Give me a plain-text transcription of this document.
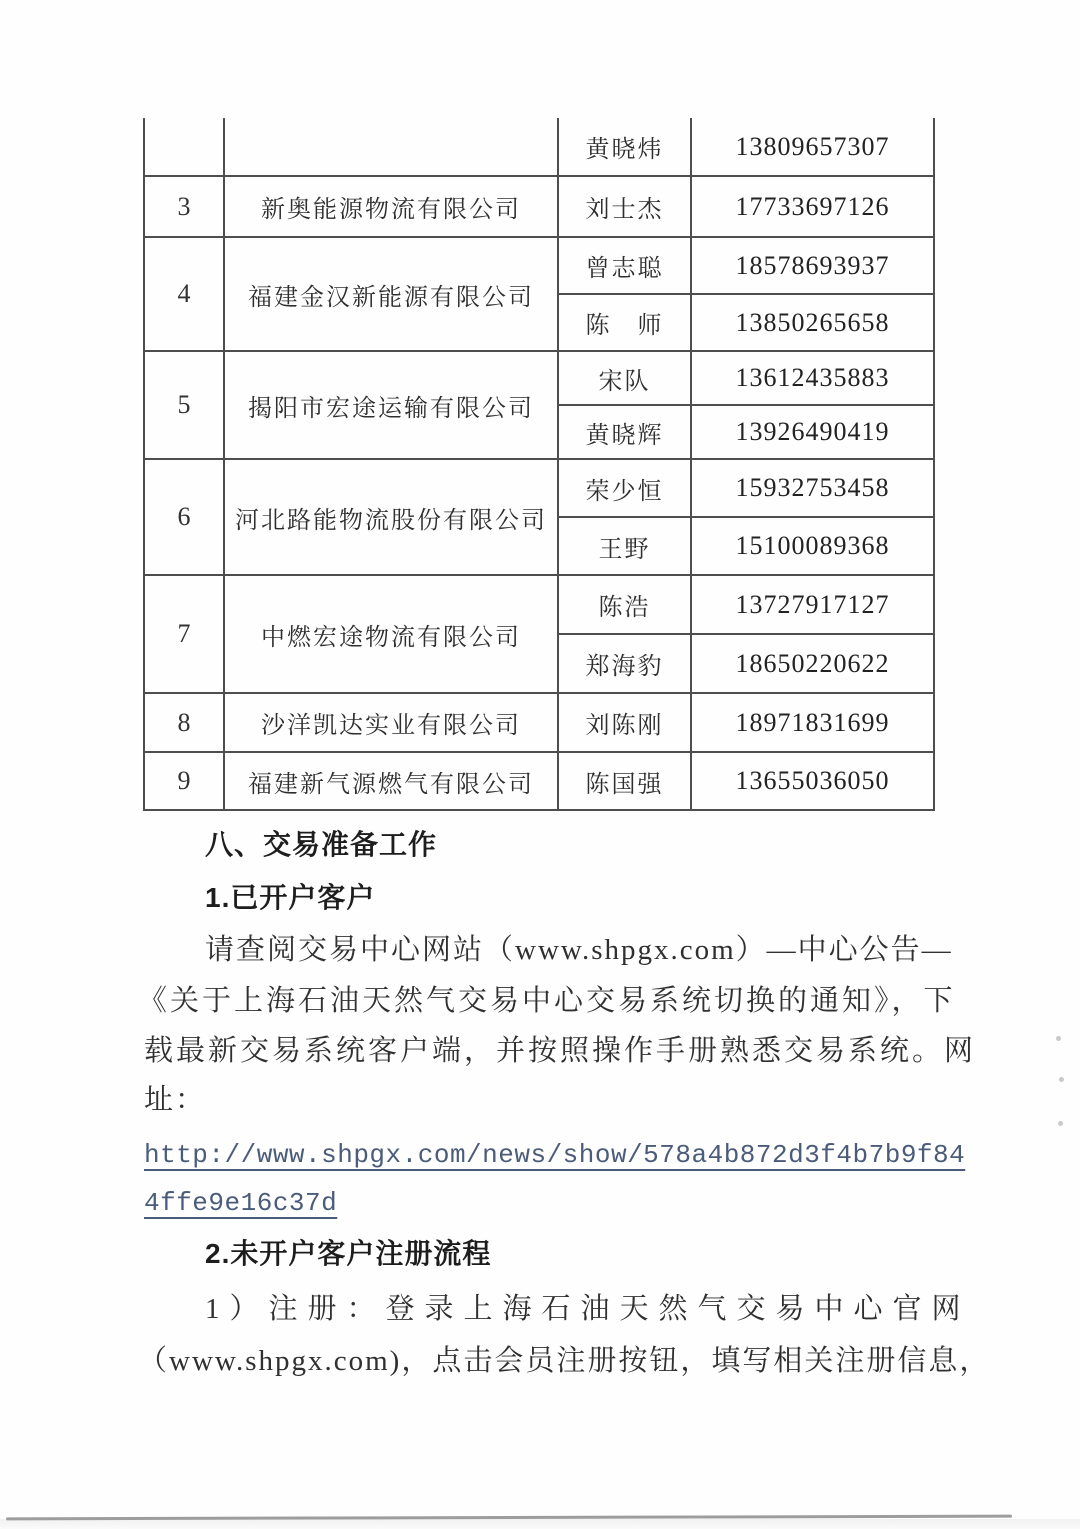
		黄晓炜	13809657307
3	新奥能源物流有限公司	刘士杰	17733697126
4	福建金汉新能源有限公司	曾志聪	18578693937
		陈　师	13850265658
5	揭阳市宏途运输有限公司	宋队	13612435883
		黄晓辉	13926490419
6	河北路能物流股份有限公司	荣少恒	15932753458
		王野	15100089368
7	中燃宏途物流有限公司	陈浩	13727917127
		郑海豹	18650220622
8	沙洋凯达实业有限公司	刘陈刚	18971831699
9	福建新气源燃气有限公司	陈国强	13655036050
八、交易准备工作
1.已开户客户
请查阅交易中心网站（www.shpgx.com）—中心公告—
《关于上海石油天然气交易中心交易系统切换的通知》，下
载最新交易系统客户端，并按照操作手册熟悉交易系统。网
址：
http://www.shpgx.com/news/show/578a4b872d3f4b7b9f84
4ffe9e16c37d
2.未开户客户注册流程
1）注册：登录上海石油天然气交易中心官网
（www.shpgx.com)，点击会员注册按钮，填写相关注册信息，
